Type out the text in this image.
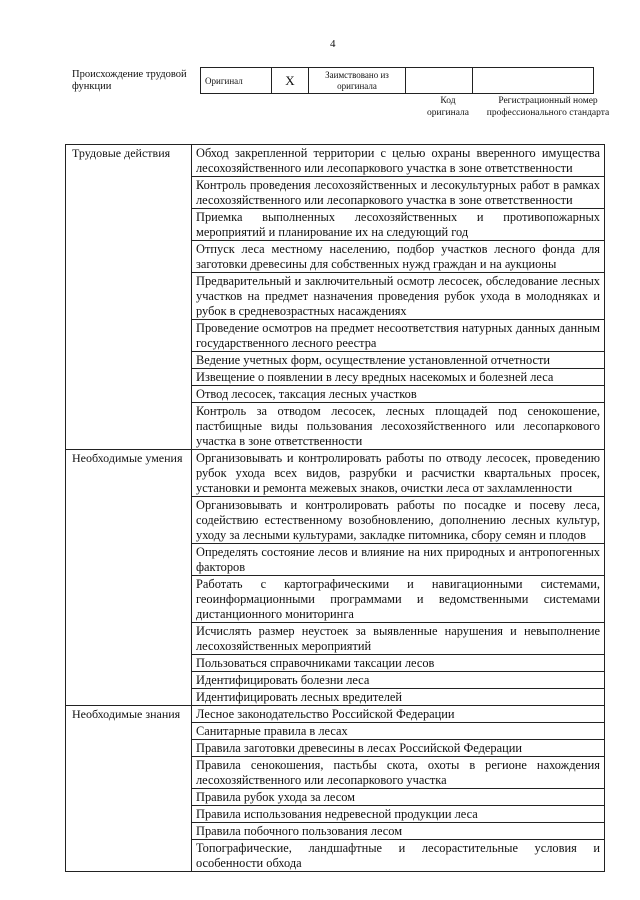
4
Происхождение трудовой функции
Оригинал	X	Заимствовано из оригинала		
Код оригинала
Регистрационный номер профессионального стандарта
Трудовые действия	Обход закрепленной территории с целью охраны вверенного имущества лесохозяйственного или лесопаркового участка в зоне ответственности
	Контроль проведения лесохозяйственных и лесокультурных работ в рамках лесохозяйственного или лесопаркового участка в зоне ответственности
	Приемка выполненных лесохозяйственных и противопожарных мероприятий и планирование их на следующий год
	Отпуск леса местному населению, подбор участков лесного фонда для заготовки древесины для собственных нужд граждан и на аукционы
	Предварительный и заключительный осмотр лесосек, обследование лесных участков на предмет назначения проведения рубок ухода в молодняках и рубок в средневозрастных насаждениях
	Проведение осмотров на предмет несоответствия натурных данных данным государственного лесного реестра
	Ведение учетных форм, осуществление установленной отчетности
	Извещение о появлении в лесу вредных насекомых и болезней леса
	Отвод лесосек, таксация лесных участков
	Контроль за отводом лесосек, лесных площадей под сенокошение, пастбищные виды пользования лесохозяйственного или лесопаркового участка в зоне ответственности
Необходимые умения	Организовывать и контролировать работы по отводу лесосек, проведению рубок ухода всех видов, разрубки и расчистки квартальных просек, установки и ремонта межевых знаков, очистки леса от захламленности
	Организовывать и контролировать работы по посадке и посеву леса, содействию естественному возобновлению, дополнению лесных культур, уходу за лесными культурами, закладке питомника, сбору семян и плодов
	Определять состояние лесов и влияние на них природных и антропогенных факторов
	Работать с картографическими и навигационными системами, геоинформационными программами и ведомственными системами дистанционного мониторинга
	Исчислять размер неустоек за выявленные нарушения и невыполнение лесохозяйственных мероприятий
	Пользоваться справочниками таксации лесов
	Идентифицировать болезни леса
	Идентифицировать лесных вредителей
Необходимые знания	Лесное законодательство Российской Федерации
	Санитарные правила в лесах
	Правила заготовки древесины в лесах Российской Федерации
	Правила сенокошения, пастьбы скота, охоты в регионе нахождения лесохозяйственного или лесопаркового участка
	Правила рубок ухода за лесом
	Правила использования недревесной продукции леса
	Правила побочного пользования лесом
	Топографические, ландшафтные и лесорастительные условия и особенности обхода
